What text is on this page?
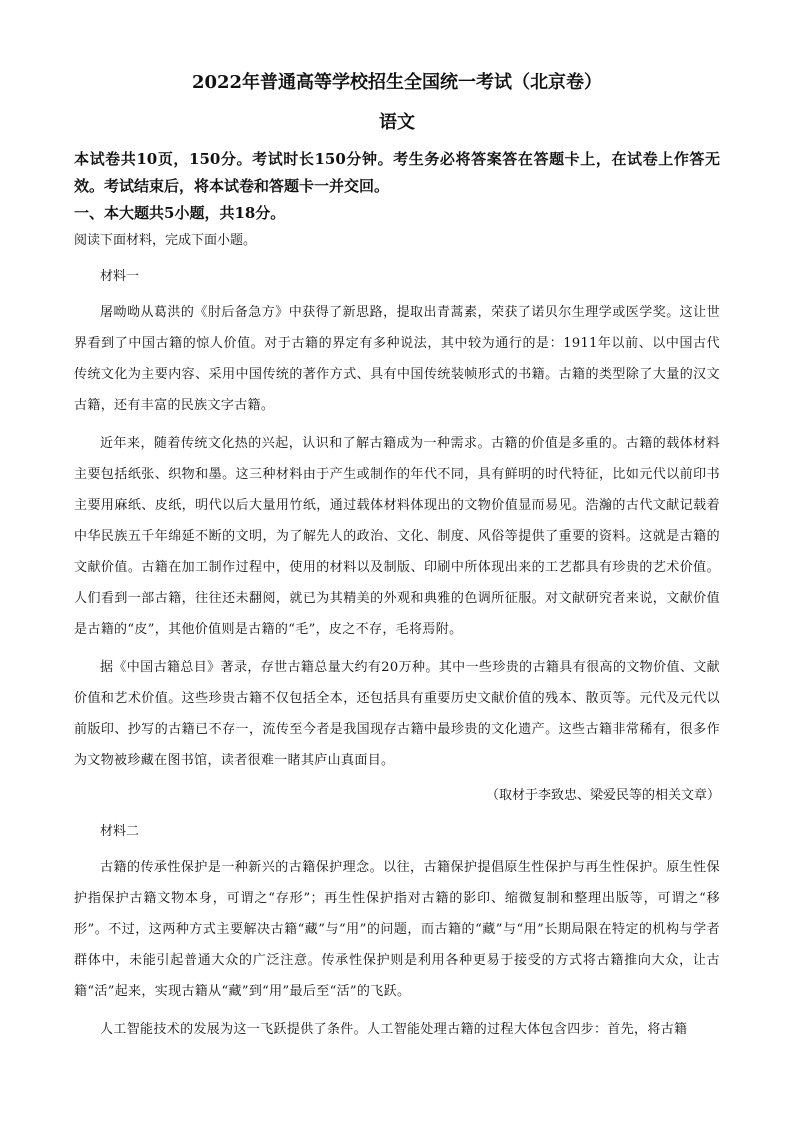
2022年普通高等学校招生全国统一考试（北京卷）
语文

本试卷共10页，150分。考试时长150分钟。考生务必将答案答在答题卡上，在试卷上作答无效。考试结束后，将本试卷和答题卡一并交回。

一、本大题共5小题，共18分。

阅读下面材料，完成下面小题。

材料一

屠呦呦从葛洪的《肘后备急方》中获得了新思路，提取出青蒿素，荣获了诺贝尔生理学或医学奖。这让世界看到了中国古籍的惊人价值。对于古籍的界定有多种说法，其中较为通行的是：1911年以前、以中国古代传统文化为主要内容、采用中国传统的著作方式、具有中国传统装帧形式的书籍。古籍的类型除了大量的汉文古籍，还有丰富的民族文字古籍。

近年来，随着传统文化热的兴起，认识和了解古籍成为一种需求。古籍的价值是多重的。古籍的载体材料主要包括纸张、织物和墨。这三种材料由于产生或制作的年代不同，具有鲜明的时代特征，比如元代以前印书主要用麻纸、皮纸，明代以后大量用竹纸，通过载体材料体现出的文物价值显而易见。浩瀚的古代文献记载着中华民族五千年绵延不断的文明，为了解先人的政治、文化、制度、风俗等提供了重要的资料。这就是古籍的文献价值。古籍在加工制作过程中，使用的材料以及制版、印刷中所体现出来的工艺都具有珍贵的艺术价值。人们看到一部古籍，往往还未翻阅，就已为其精美的外观和典雅的色调所征服。对文献研究者来说，文献价值是古籍的“皮”，其他价值则是古籍的“毛”，皮之不存，毛将焉附。

据《中国古籍总目》著录，存世古籍总量大约有20万种。其中一些珍贵的古籍具有很高的文物价值、文献价值和艺术价值。这些珍贵古籍不仅包括全本，还包括具有重要历史文献价值的残本、散页等。元代及元代以前版印、抄写的古籍已不存一，流传至今者是我国现存古籍中最珍贵的文化遗产。这些古籍非常稀有，很多作为文物被珍藏在图书馆，读者很难一睹其庐山真面目。

（取材于李致忠、梁爱民等的相关文章）

材料二

古籍的传承性保护是一种新兴的古籍保护理念。以往，古籍保护提倡原生性保护与再生性保护。原生性保护指保护古籍文物本身，可谓之“存形”；再生性保护指对古籍的影印、缩微复制和整理出版等，可谓之“移形”。不过，这两种方式主要解决古籍“藏”与“用”的问题，而古籍的“藏”与“用”长期局限在特定的机构与学者群体中，未能引起普通大众的广泛注意。传承性保护则是利用各种更易于接受的方式将古籍推向大众，让古籍“活”起来，实现古籍从“藏”到“用”最后至“活”的飞跃。

人工智能技术的发展为这一飞跃提供了条件。人工智能处理古籍的过程大体包含四步：首先，将古籍
